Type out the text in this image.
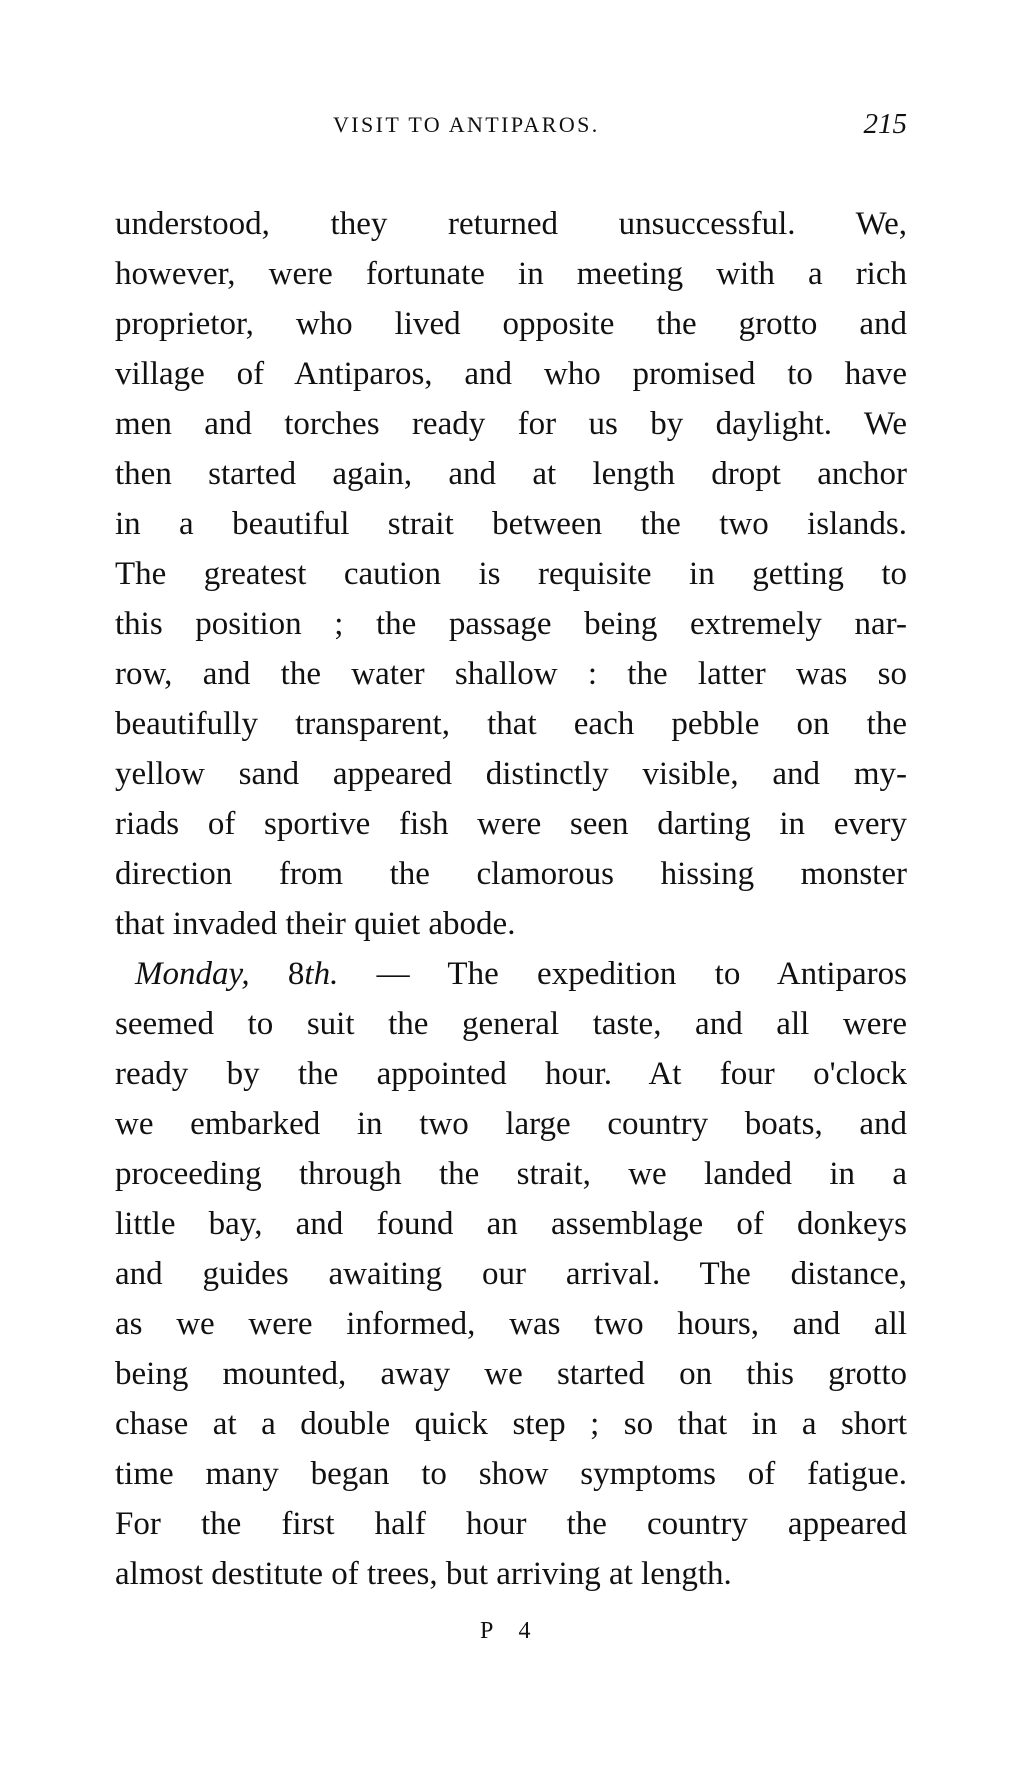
VISIT TO ANTIPAROS.	215
understood, they returned unsuccessful. We,
however, were fortunate in meeting with a rich
proprietor, who lived opposite the grotto and
village of Antiparos, and who promised to have
men and torches ready for us by daylight. We
then started again, and at length dropt anchor
in a beautiful strait between the two islands.
The greatest caution is requisite in getting to
this position ; the passage being extremely nar-
row, and the water shallow : the latter was so
beautifully transparent, that each pebble on the
yellow sand appeared distinctly visible, and my-
riads of sportive fish were seen darting in every
direction from the clamorous hissing monster
that invaded their quiet abode.
Monday, 8th. — The expedition to Antiparos
seemed to suit the general taste, and all were
ready by the appointed hour. At four o'clock
we embarked in two large country boats, and
proceeding through the strait, we landed in a
little bay, and found an assemblage of donkeys
and guides awaiting our arrival. The distance,
as we were informed, was two hours, and all
being mounted, away we started on this grotto
chase at a double quick step ; so that in a short
time many began to show symptoms of fatigue.
For the first half hour the country appeared
almost destitute of trees, but arriving at length.
P 4
